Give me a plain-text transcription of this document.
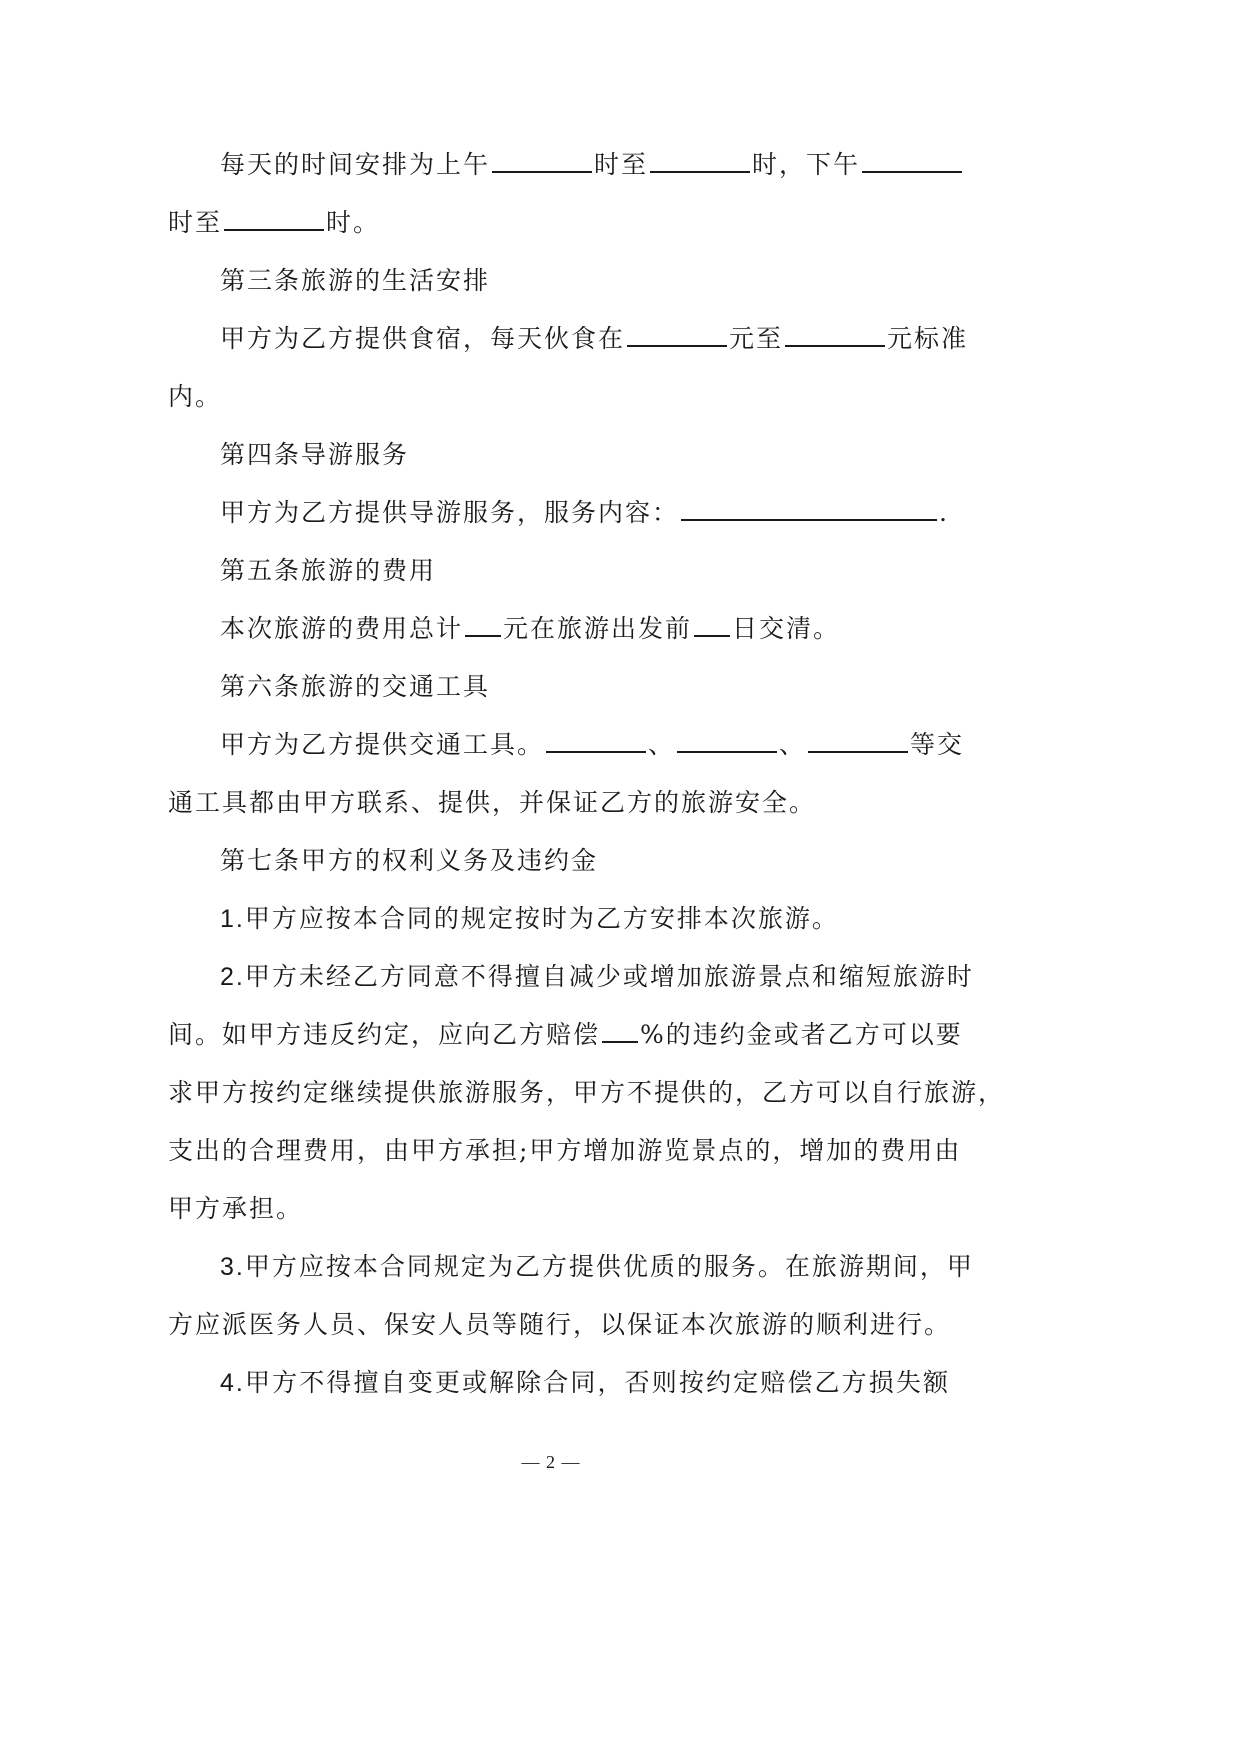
每天的时间安排为上午	时至	时，下午
时至	时。
第三条旅游的生活安排
甲方为乙方提供食宿，每天伙食在	元至	元标准
内。
第四条导游服务
甲方为乙方提供导游服务，服务内容：	.
第五条旅游的费用
本次旅游的费用总计 元在旅游出发前 日交清。
第六条旅游的交通工具
甲方为乙方提供交通工具。	、	、	等交
通工具都由甲方联系、提供，并保证乙方的旅游安全。
第七条甲方的权利义务及违约金
1.甲方应按本合同的规定按时为乙方安排本次旅游。
2.甲方未经乙方同意不得擅自减少或增加旅游景点和缩短旅游时
间。如甲方违反约定，应向乙方赔偿 %的违约金或者乙方可以要
求甲方按约定继续提供旅游服务，甲方不提供的，乙方可以自行旅游，
支出的合理费用，由甲方承担;甲方增加游览景点的，增加的费用由
甲方承担。
3.甲方应按本合同规定为乙方提供优质的服务。在旅游期间，甲
方应派医务人员、保安人员等随行，以保证本次旅游的顺利进行。
4.甲方不得擅自变更或解除合同，否则按约定赔偿乙方损失额
— 2 —
